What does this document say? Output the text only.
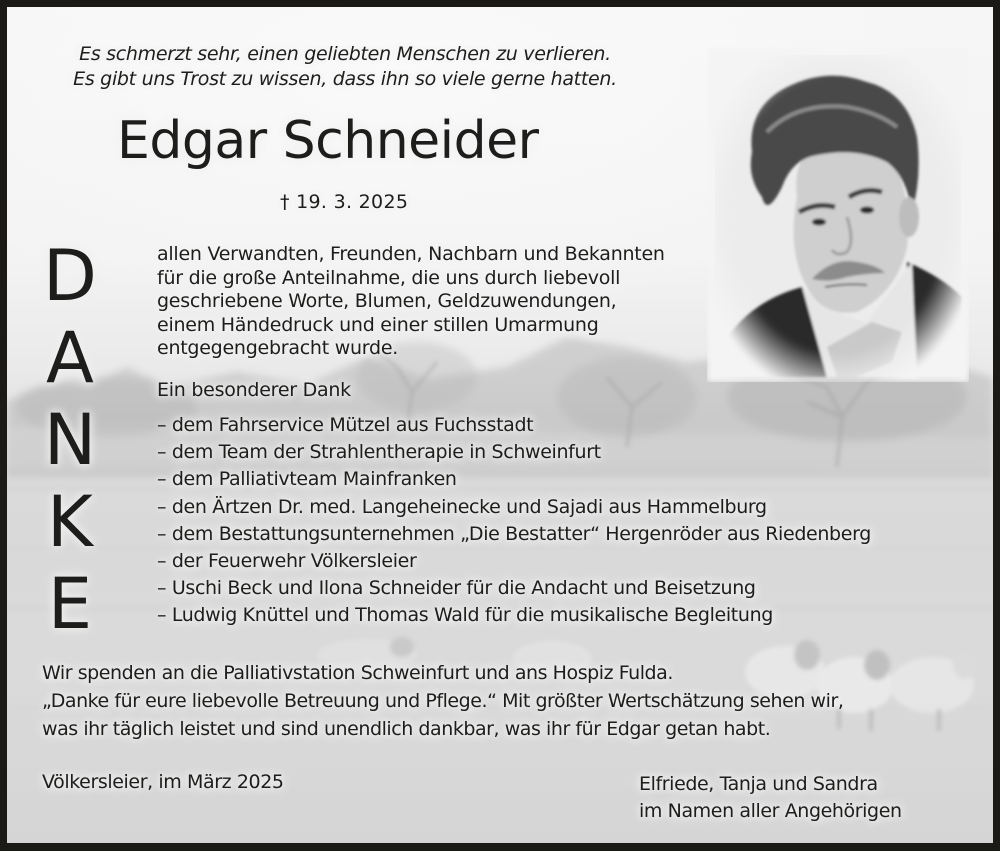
Es schmerzt sehr, einen geliebten Menschen zu verlieren.
Es gibt uns Trost zu wissen, dass ihn so viele gerne hatten.
Edgar Schneider
† 19. 3. 2025
D
A
N
K
E
allen Verwandten, Freunden, Nachbarn und Bekannten
für die große Anteilnahme, die uns durch liebevoll
geschriebene Worte, Blumen, Geldzuwendungen,
einem Händedruck und einer stillen Umarmung
entgegengebracht wurde.
Ein besonderer Dank
– dem Fahrservice Mützel aus Fuchsstadt
– dem Team der Strahlentherapie in Schweinfurt
– dem Palliativteam Mainfranken
– den Ärtzen Dr. med. Langeheinecke und Sajadi aus Hammelburg
– dem Bestattungsunternehmen „Die Bestatter“ Hergenröder aus Riedenberg
– der Feuerwehr Völkersleier
– Uschi Beck und Ilona Schneider für die Andacht und Beisetzung
– Ludwig Knüttel und Thomas Wald für die musikalische Begleitung
Wir spenden an die Palliativstation Schweinfurt und ans Hospiz Fulda.
„Danke für eure liebevolle Betreuung und Pflege.“ Mit größter Wertschätzung sehen wir,
was ihr täglich leistet und sind unendlich dankbar, was ihr für Edgar getan habt.
Völkersleier, im März 2025	Elfriede, Tanja und Sandra
im Namen aller Angehörigen
